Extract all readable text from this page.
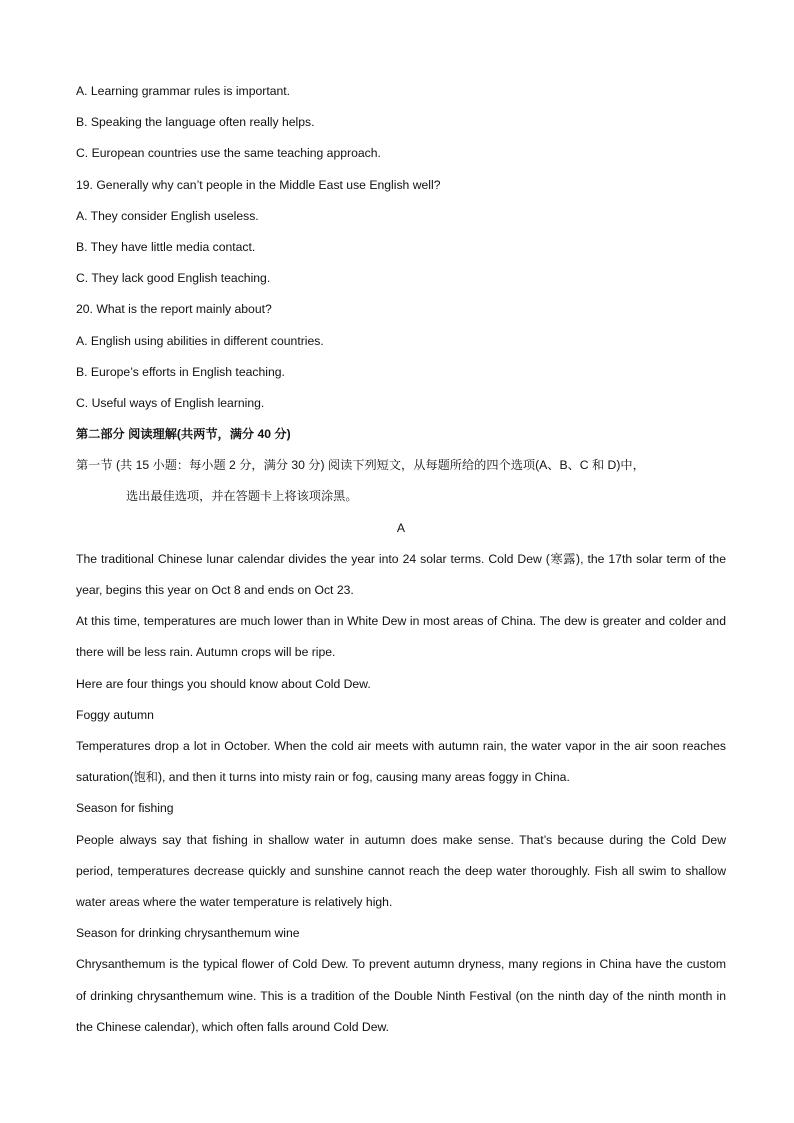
A. Learning grammar rules is important.
B. Speaking the language often really helps.
C. European countries use the same teaching approach.
19. Generally why can’t people in the Middle East use English well?
A. They consider English useless.
B. They have little media contact.
C. They lack good English teaching.
20. What is the report mainly about?
A. English using abilities in different countries.
B. Europe’s efforts in English teaching.
C. Useful ways of English learning.
第二部分 阅读理解(共两节，满分 40 分)
第一节 (共 15 小题：每小题 2 分，满分 30 分) 阅读下列短文，从每题所给的四个选项(A、B、C 和 D)中，
选出最佳选项，并在答题卡上将该项涂黑。
A
The traditional Chinese lunar calendar divides the year into 24 solar terms. Cold Dew (寒露), the 17th solar term of the year, begins this year on Oct 8 and ends on Oct 23.
At this time, temperatures are much lower than in White Dew in most areas of China. The dew is greater and colder and there will be less rain. Autumn crops will be ripe.
Here are four things you should know about Cold Dew.
Foggy autumn
Temperatures drop a lot in October. When the cold air meets with autumn rain, the water vapor in the air soon reaches saturation(饱和), and then it turns into misty rain or fog, causing many areas foggy in China.
Season for fishing
People always say that fishing in shallow water in autumn does make sense. That’s because during the Cold Dew period, temperatures decrease quickly and sunshine cannot reach the deep water thoroughly. Fish all swim to shallow water areas where the water temperature is relatively high.
Season for drinking chrysanthemum wine
Chrysanthemum is the typical flower of Cold Dew. To prevent autumn dryness, many regions in China have the custom of drinking chrysanthemum wine. This is a tradition of the Double Ninth Festival (on the ninth day of the ninth month in the Chinese calendar), which often falls around Cold Dew.
